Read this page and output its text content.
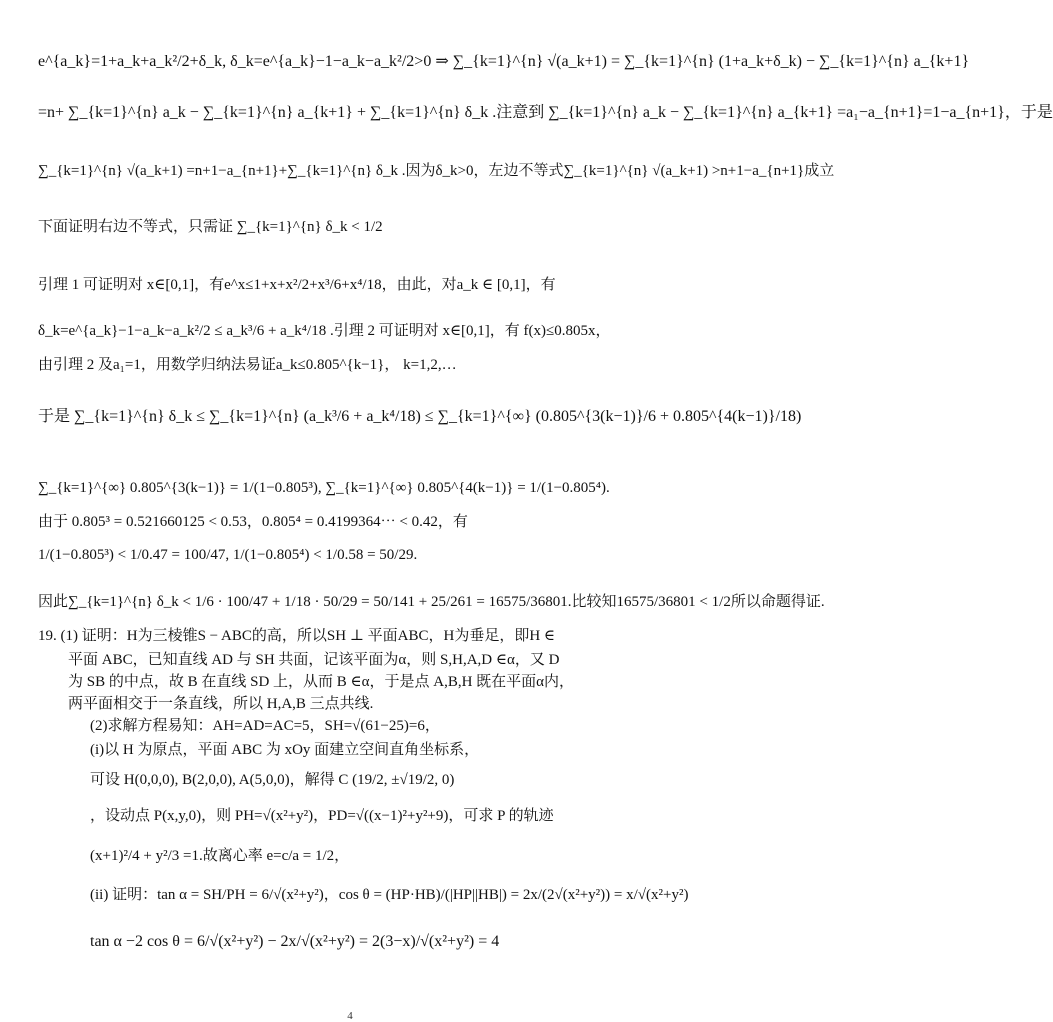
e^{a_k}=1+a_k+a_k²/2+δ_k, δ_k=e^{a_k}−1−a_k−a_k²/2>0 ⇒ ∑_{k=1}^{n} √(a_k+1) = ∑_{k=1}^{n} (1+a_k+δ_k) − ∑_{k=1}^{n} a_{k+1}
=n+ ∑_{k=1}^{n} a_k − ∑_{k=1}^{n} a_{k+1} + ∑_{k=1}^{n} δ_k .注意到 ∑_{k=1}^{n} a_k − ∑_{k=1}^{n} a_{k+1} =a₁−a_{n+1}=1−a_{n+1}，于是
∑_{k=1}^{n} √(a_k+1) =n+1−a_{n+1}+∑_{k=1}^{n} δ_k .因为δ_k>0，左边不等式∑_{k=1}^{n} √(a_k+1) >n+1−a_{n+1}成立
下面证明右边不等式，只需证 ∑_{k=1}^{n} δ_k < 1/2
引理 1 可证明对 x∈[0,1]，有e^x≤1+x+x²/2+x³/6+x⁴/18，由此，对a_k ∈ [0,1]，有
δ_k=e^{a_k}−1−a_k−a_k²/2 ≤ a_k³/6 + a_k⁴/18 .引理 2 可证明对 x∈[0,1]，有 f(x)≤0.805x，
由引理 2 及a₁=1，用数学归纳法易证a_k≤0.805^{k−1}， k=1,2,…
于是 ∑_{k=1}^{n} δ_k ≤ ∑_{k=1}^{n} (a_k³/6 + a_k⁴/18) ≤ ∑_{k=1}^{∞} (0.805^{3(k−1)}/6 + 0.805^{4(k−1)}/18)
∑_{k=1}^{∞} 0.805^{3(k−1)} = 1/(1−0.805³), ∑_{k=1}^{∞} 0.805^{4(k−1)} = 1/(1−0.805⁴).
由于 0.805³ = 0.521660125 < 0.53，0.805⁴ = 0.4199364⋯ < 0.42，有
1/(1−0.805³) < 1/0.47 = 100/47, 1/(1−0.805⁴) < 1/0.58 = 50/29.
因此∑_{k=1}^{n} δ_k < 1/6 · 100/47 + 1/18 · 50/29 = 50/141 + 25/261 = 16575/36801.比较知16575/36801 < 1/2所以命题得证.
19. (1) 证明：H为三棱锥S − ABC的高，所以SH ⊥ 平面ABC，H为垂足，即H ∈
平面 ABC，已知直线 AD 与 SH 共面，记该平面为α，则 S,H,A,D ∈α，又 D
为 SB 的中点，故 B 在直线 SD 上，从而 B ∈α，于是点 A,B,H 既在平面α内，
两平面相交于一条直线，所以 H,A,B 三点共线.
(2)求解方程易知：AH=AD=AC=5，SH=√(61−25)=6，
(i)以 H 为原点，平面 ABC 为 xOy 面建立空间直角坐标系，
可设 H(0,0,0), B(2,0,0), A(5,0,0)，解得 C (19/2, ±√19/2, 0)
，设动点 P(x,y,0)，则 PH=√(x²+y²)，PD=√((x−1)²+y²+9)，可求 P 的轨迹
(x+1)²/4 + y²/3 =1.故离心率 e=c/a = 1/2，
(ii) 证明：tan α = SH/PH = 6/√(x²+y²)，cos θ = (HP·HB)/(|HP||HB|) = 2x/(2√(x²+y²)) = x/√(x²+y²)
tan α −2 cos θ = 6/√(x²+y²) − 2x/√(x²+y²) = 2(3−x)/√(x²+y²) = 4
4
